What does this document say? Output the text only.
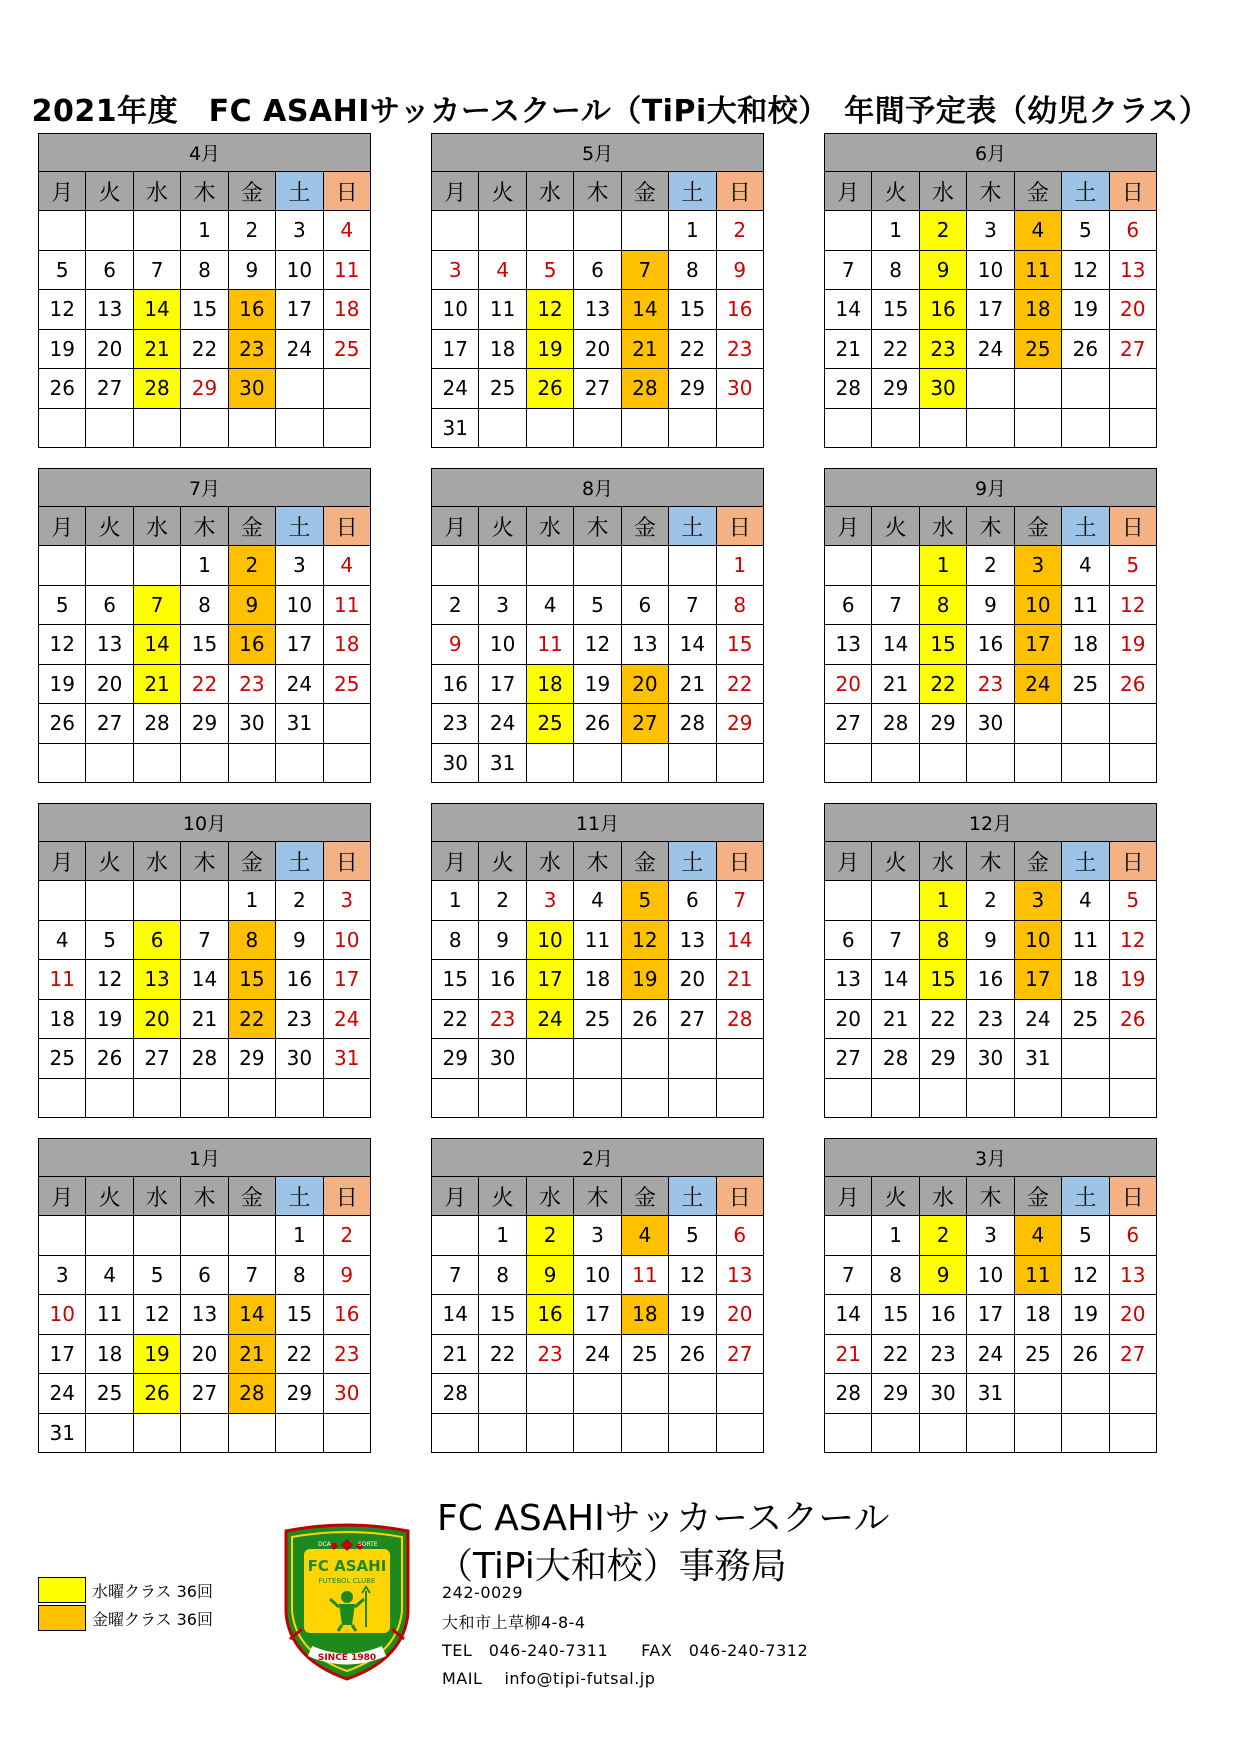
2021年度　FC ASAHIサッカースクール（TiPi大和校）　年間予定表（幼児クラス）
4月						
月	火	水	木	金	土	日
			1	2	3	4
5	6	7	8	9	10	11
12	13	14	15	16	17	18
19	20	21	22	23	24	25
26	27	28	29	30		

5月						
月	火	水	木	金	土	日
					1	2
3	4	5	6	7	8	9
10	11	12	13	14	15	16
17	18	19	20	21	22	23
24	25	26	27	28	29	30
31						
6月						
月	火	水	木	金	土	日
	1	2	3	4	5	6
7	8	9	10	11	12	13
14	15	16	17	18	19	20
21	22	23	24	25	26	27
28	29	30				

7月						
月	火	水	木	金	土	日
			1	2	3	4
5	6	7	8	9	10	11
12	13	14	15	16	17	18
19	20	21	22	23	24	25
26	27	28	29	30	31	

8月						
月	火	水	木	金	土	日
						1
2	3	4	5	6	7	8
9	10	11	12	13	14	15
16	17	18	19	20	21	22
23	24	25	26	27	28	29
30	31					
9月						
月	火	水	木	金	土	日
		1	2	3	4	5
6	7	8	9	10	11	12
13	14	15	16	17	18	19
20	21	22	23	24	25	26
27	28	29	30			

10月						
月	火	水	木	金	土	日
				1	2	3
4	5	6	7	8	9	10
11	12	13	14	15	16	17
18	19	20	21	22	23	24
25	26	27	28	29	30	31

11月						
月	火	水	木	金	土	日
1	2	3	4	5	6	7
8	9	10	11	12	13	14
15	16	17	18	19	20	21
22	23	24	25	26	27	28
29	30					

12月						
月	火	水	木	金	土	日
		1	2	3	4	5
6	7	8	9	10	11	12
13	14	15	16	17	18	19
20	21	22	23	24	25	26
27	28	29	30	31		

1月						
月	火	水	木	金	土	日
					1	2
3	4	5	6	7	8	9
10	11	12	13	14	15	16
17	18	19	20	21	22	23
24	25	26	27	28	29	30
31						
2月						
月	火	水	木	金	土	日
	1	2	3	4	5	6
7	8	9	10	11	12	13
14	15	16	17	18	19	20
21	22	23	24	25	26	27
28						

3月						
月	火	水	木	金	土	日
	1	2	3	4	5	6
7	8	9	10	11	12	13
14	15	16	17	18	19	20
21	22	23	24	25	26	27
28	29	30	31			

水曜クラス 36回
金曜クラス 36回
DCA	SORTE
FC ASAHI
FUTEBOL CLUBE
SINCE 1980
FC ASAHIサッカースクール
（TiPi大和校）事務局
242-0029
大和市上草柳4-8-4
TEL　046-240-7311　　FAX　046-240-7312
MAIL　 info@tipi-futsal.jp
